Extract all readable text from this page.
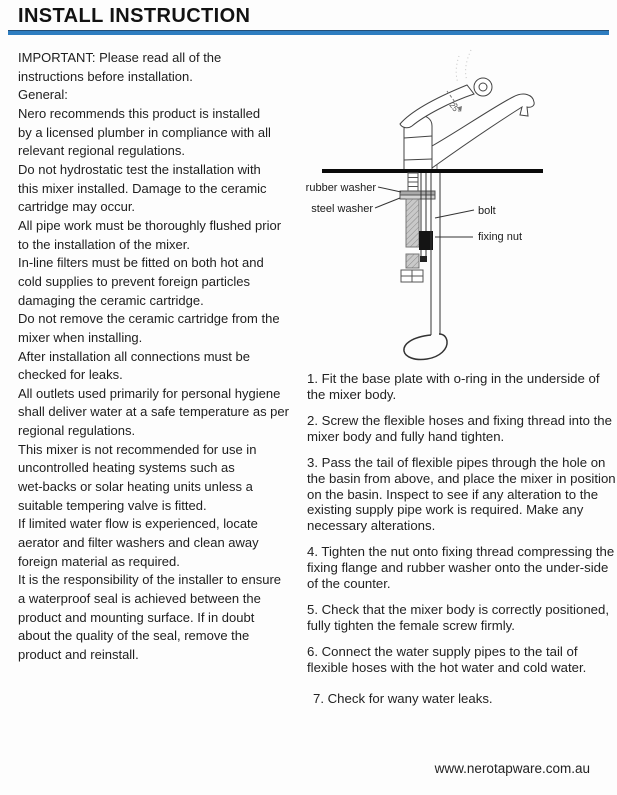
INSTALL INSTRUCTION
IMPORTANT: Please read all of the
instructions before installation.
General:
Nero recommends this product is installed
by a licensed plumber in compliance with all
relevant regional regulations.
Do not hydrostatic test the installation with
this mixer installed. Damage to the ceramic
cartridge may occur.
All pipe work must be thoroughly flushed prior
to the installation of the mixer.
In-line filters must be fitted on both hot and
cold supplies to prevent foreign particles
damaging the ceramic cartridge.
Do not remove the ceramic cartridge from the
mixer when installing.
After installation all connections must be
checked for leaks.
All outlets used primarily for personal hygiene
shall deliver water at a safe temperature as per
regional regulations.
This mixer is not recommended for use in
uncontrolled heating systems such as
wet-backs or solar heating units unless a
suitable tempering valve is fitted.
If limited water flow is experienced, locate
aerator and filter washers and clean away
foreign material as required.
It is the responsibility of the installer to ensure
a waterproof seal is achieved between the
product and mounting surface. If in doubt
about the quality of the seal, remove the
product and reinstall.
25°
rubber washer
steel washer	bolt
fixing nut

1. Fit the base plate with o-ring in the underside of the mixer body.

2. Screw the flexible hoses and fixing thread into the mixer body and fully hand tighten.

3. Pass the tail of flexible pipes through the hole on the basin from above, and place the mixer in position on the basin. Inspect to see if any alteration to the existing supply pipe work is required. Make any necessary alterations.

4. Tighten the nut onto fixing thread compressing the fixing flange and rubber washer onto the under-side of the counter.

5. Check that the mixer body is correctly positioned, fully tighten the female screw firmly.

6. Connect the water supply pipes to the tail of flexible hoses with the hot water and cold water.

7. Check for wany water leaks.

www.nerotapware.com.au
